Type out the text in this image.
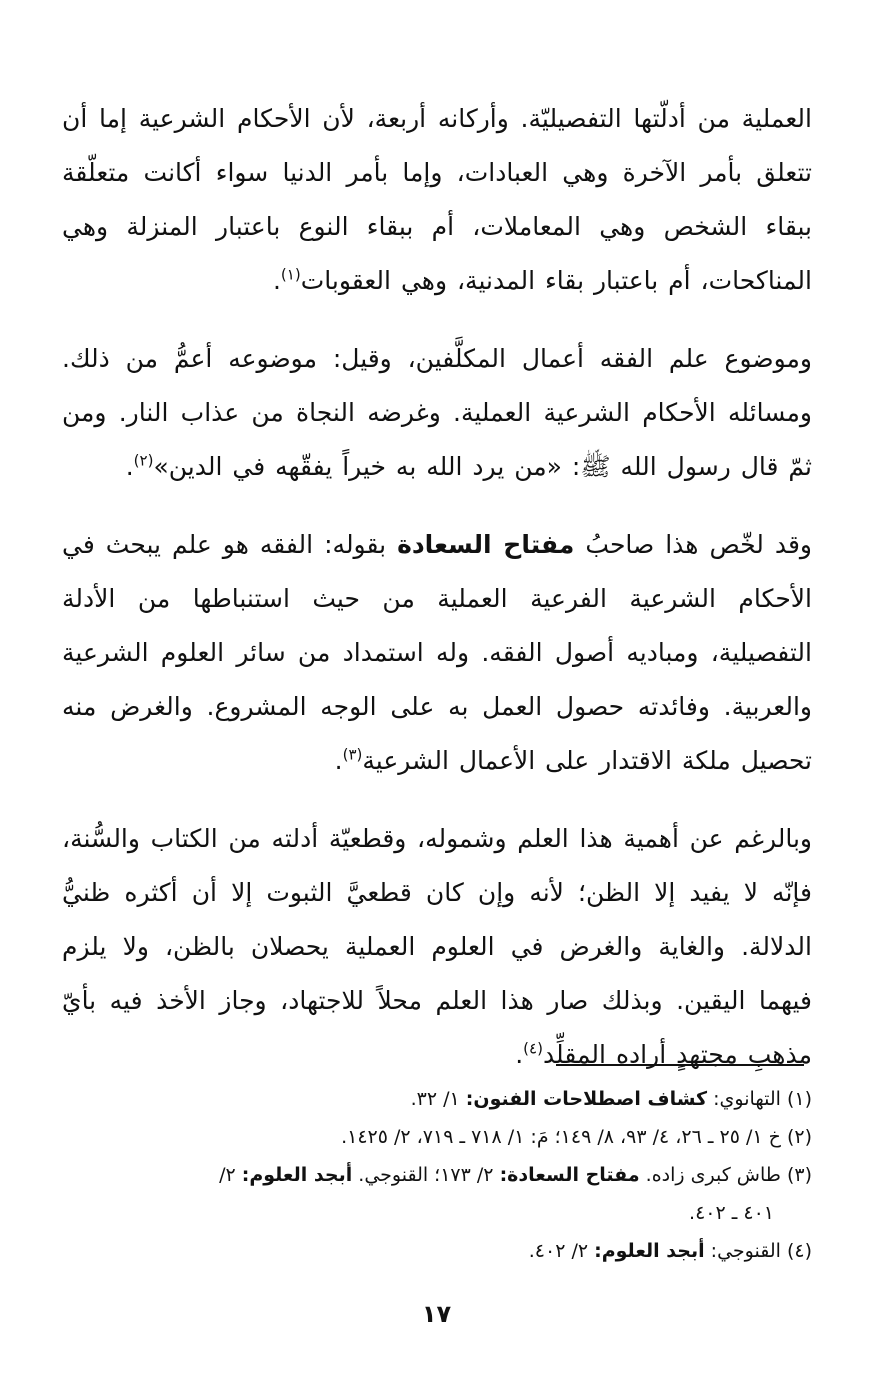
العملية من أدلّتها التفصيليّة. وأركانه أربعة، لأن الأحكام الشرعية إما أن تتعلق بأمر الآخرة وهي العبادات، وإما بأمر الدنيا سواء أكانت متعلّقة ببقاء الشخص وهي المعاملات، أم ببقاء النوع باعتبار المنزلة وهي المناكحات، أم باعتبار بقاء المدنية، وهي العقوبات$^{(١)}$.

وموضوع علم الفقه أعمال المكلَّفين، وقيل: موضوعه أعمُّ من ذلك. ومسائله الأحكام الشرعية العملية. وغرضه النجاة من عذاب النار. ومن ثمّ قال رسول الله ﷺ: «من يرد الله به خيراً يفقّهه في الدين»$^{(٢)}$.

وقد لخّص هذا صاحبُ مفتاح السعادة بقوله: الفقه هو علم يبحث في الأحكام الشرعية الفرعية العملية من حيث استنباطها من الأدلة التفصيلية، ومباديه أصول الفقه. وله استمداد من سائر العلوم الشرعية والعربية. وفائدته حصول العمل به على الوجه المشروع. والغرض منه تحصيل ملكة الاقتدار على الأعمال الشرعية$^{(٣)}$.

وبالرغم عن أهمية هذا العلم وشموله، وقطعيّة أدلته من الكتاب والسُّنة، فإنّه لا يفيد إلا الظن؛ لأنه وإن كان قطعيَّ الثبوت إلا أن أكثره ظنيُّ الدلالة. والغاية والغرض في العلوم العملية يحصلان بالظن، ولا يلزم فيهما اليقين. وبذلك صار هذا العلم محلاً للاجتهاد، وجاز الأخذ فيه بأيّ مذهبِ مجتهدٍ أراده المقلِّد$^{(٤)}$.

(١) التهانوي: كشاف اصطلاحات الفنون: ١/ ٣٢.

(٢) خ ١/ ٢٥ ـ ٢٦، ٤/ ٩٣، ٨/ ١٤٩؛ مَ: ١/ ٧١٨ ـ ٧١٩، ٢/ ١٤٢٥.

(٣) طاش كبرى زاده. مفتاح السعادة: ٢/ ١٧٣؛ القنوجي. أبجد العلوم: ٢/

٤٠١ ـ ٤٠٢.

(٤) القنوجي: أبجد العلوم: ٢/ ٤٠٢.

١٧
